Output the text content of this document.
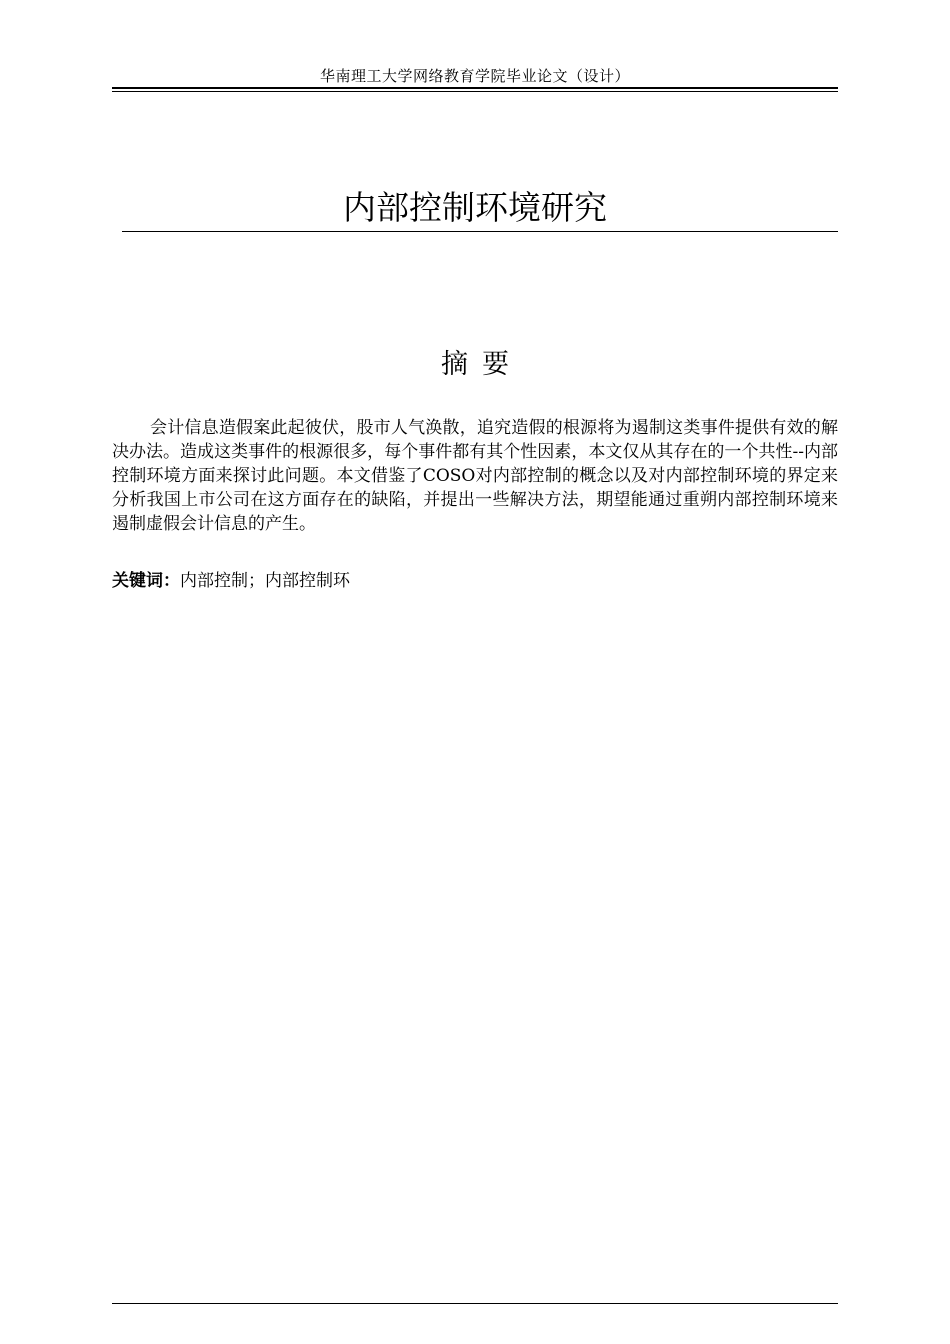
华南理工大学网络教育学院毕业论文（设计）
内部控制环境研究
摘要

会计信息造假案此起彼伏，股市人气涣散，追究造假的根源将为遏制这类事件提供有效的解决办法。造成这类事件的根源很多，每个事件都有其个性因素，本文仅从其存在的一个共性--内部控制环境方面来探讨此问题。本文借鉴了COSO对内部控制的概念以及对内部控制环境的界定来分析我国上市公司在这方面存在的缺陷，并提出一些解决方法，期望能通过重朔内部控制环境来遏制虚假会计信息的产生。

关键词：内部控制；内部控制环
